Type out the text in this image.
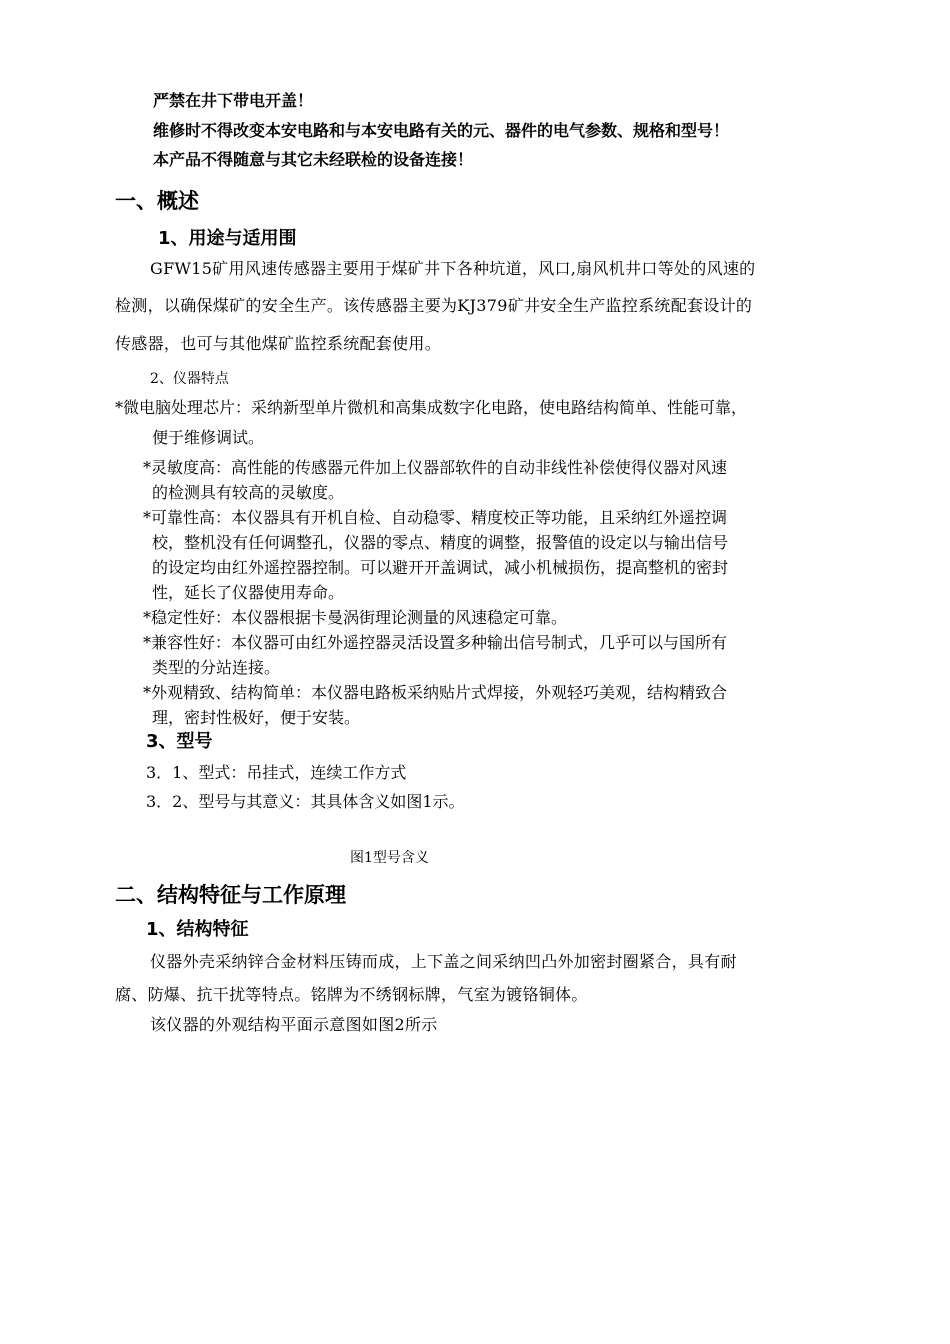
严禁在井下带电开盖！
维修时不得改变本安电路和与本安电路有关的元、器件的电气参数、规格和型号！
本产品不得随意与其它未经联检的设备连接！
一、概述
1、用途与适用围
GFW15矿用风速传感器主要用于煤矿井下各种坑道，风口,扇风机井口等处的风速的
检测，以确保煤矿的安全生产。该传感器主要为KJ379矿井安全生产监控系统配套设计的
传感器，也可与其他煤矿监控系统配套使用。
2、仪器特点
*微电脑处理芯片：采纳新型单片微机和高集成数字化电路，使电路结构简单、性能可靠，
便于维修调试。
*灵敏度高：高性能的传感器元件加上仪器部软件的自动非线性补偿使得仪器对风速
的检测具有较高的灵敏度。
*可靠性高：本仪器具有开机自检、自动稳零、精度校正等功能，且采纳红外遥控调
校，整机没有任何调整孔，仪器的零点、精度的调整，报警值的设定以与输出信号
的设定均由红外遥控器控制。可以避开开盖调试，减小机械损伤，提高整机的密封
性，延长了仪器使用寿命。
*稳定性好：本仪器根据卡曼涡街理论测量的风速稳定可靠。
*兼容性好：本仪器可由红外遥控器灵活设置多种输出信号制式，几乎可以与国所有
类型的分站连接。
*外观精致、结构简单：本仪器电路板采纳贴片式焊接，外观轻巧美观，结构精致合
理，密封性极好，便于安装。
3、型号
3．1、型式：吊挂式，连续工作方式
3．2、型号与其意义：其具体含义如图1示。
图1型号含义
二、结构特征与工作原理
1、结构特征
仪器外壳采纳锌合金材料压铸而成，上下盖之间采纳凹凸外加密封圈紧合，具有耐
腐、防爆、抗干扰等特点。铭牌为不绣钢标牌，气室为镀铬铜体。
该仪器的外观结构平面示意图如图2所示
